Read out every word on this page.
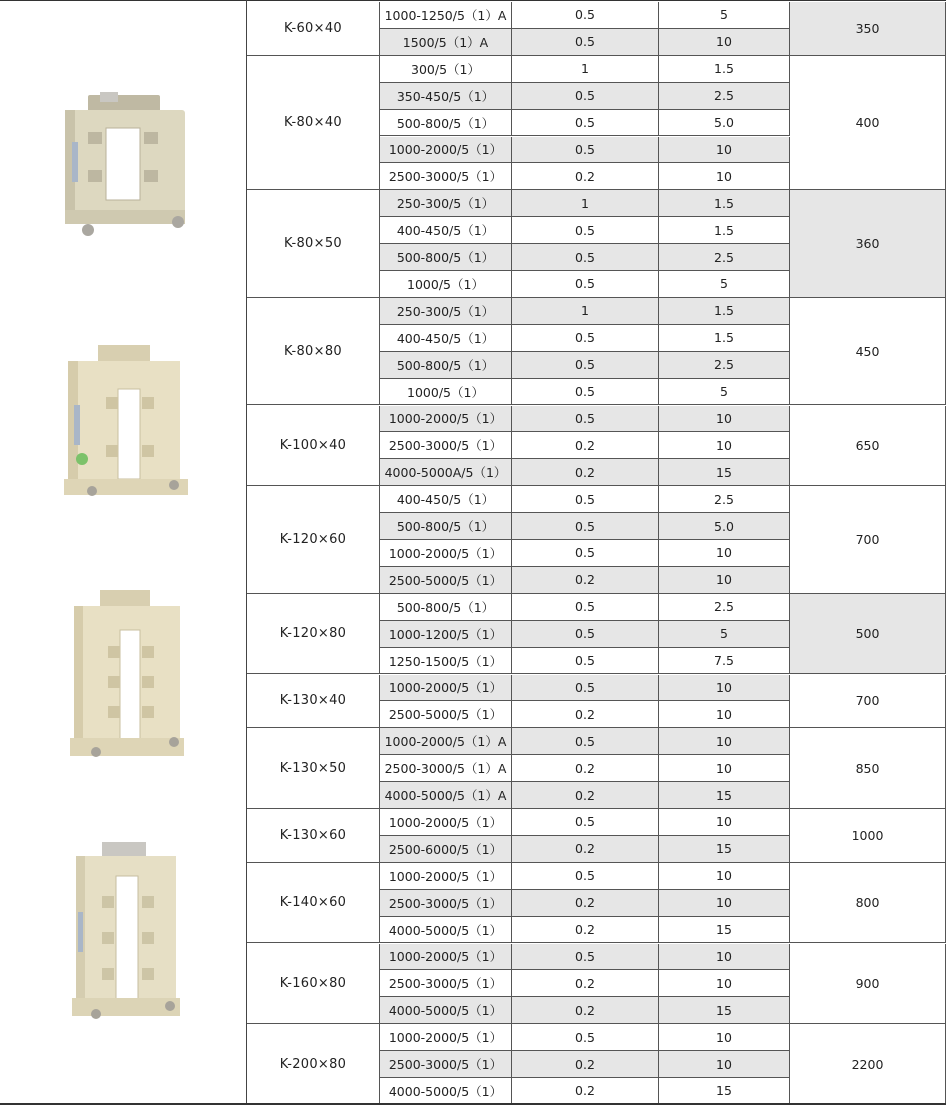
K-60×40
1000-1250/5（1）A	0.5	5
1500/5（1）A	0.5	10
350
K-80×40
300/5（1）	1	1.5
350-450/5（1）	0.5	2.5
500-800/5（1）	0.5	5.0
1000-2000/5（1）	0.5	10
2500-3000/5（1）	0.2	10
400
K-80×50
250-300/5（1）	1	1.5
400-450/5（1）	0.5	1.5
500-800/5（1）	0.5	2.5
1000/5（1）	0.5	5
360
K-80×80
250-300/5（1）	1	1.5
400-450/5（1）	0.5	1.5
500-800/5（1）	0.5	2.5
1000/5（1）	0.5	5
450
K-100×40
1000-2000/5（1）	0.5	10
2500-3000/5（1）	0.2	10
4000-5000A/5（1）	0.2	15
650
K-120×60
400-450/5（1）	0.5	2.5
500-800/5（1）	0.5	5.0
1000-2000/5（1）	0.5	10
2500-5000/5（1）	0.2	10
700
K-120×80
500-800/5（1）	0.5	2.5
1000-1200/5（1）	0.5	5
1250-1500/5（1）	0.5	7.5
500
K-130×40
1000-2000/5（1）	0.5	10
2500-5000/5（1）	0.2	10
700
K-130×50
1000-2000/5（1）A	0.5	10
2500-3000/5（1）A	0.2	10
4000-5000/5（1）A	0.2	15
850
K-130×60
1000-2000/5（1）	0.5	10
2500-6000/5（1）	0.2	15
1000
K-140×60
1000-2000/5（1）	0.5	10
2500-3000/5（1）	0.2	10
4000-5000/5（1）	0.2	15
800
K-160×80
1000-2000/5（1）	0.5	10
2500-3000/5（1）	0.2	10
4000-5000/5（1）	0.2	15
900
K-200×80
1000-2000/5（1）	0.5	10
2500-3000/5（1）	0.2	10
4000-5000/5（1）	0.2	15
2200
